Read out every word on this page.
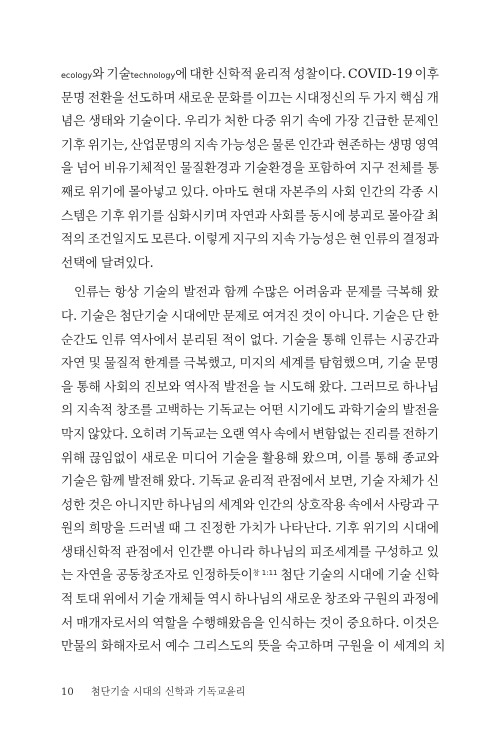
ecology와 기술technology에 대한 신학적 윤리적 성찰이다. COVID-19 이후
문명 전환을 선도하며 새로운 문화를 이끄는 시대정신의 두 가지 핵심 개
념은 생태와 기술이다. 우리가 처한 다중 위기 속에 가장 긴급한 문제인
기후 위기는, 산업문명의 지속 가능성은 물론 인간과 현존하는 생명 영역
을 넘어 비유기체적인 물질환경과 기술환경을 포함하여 지구 전체를 통
째로 위기에 몰아넣고 있다. 아마도 현대 자본주의 사회 인간의 각종 시
스템은 기후 위기를 심화시키며 자연과 사회를 동시에 붕괴로 몰아갈 최
적의 조건일지도 모른다. 이렇게 지구의 지속 가능성은 현 인류의 결정과
선택에 달려있다.
인류는 항상 기술의 발전과 함께 수많은 어려움과 문제를 극복해 왔
다. 기술은 첨단기술 시대에만 문제로 여겨진 것이 아니다. 기술은 단 한
순간도 인류 역사에서 분리된 적이 없다. 기술을 통해 인류는 시공간과
자연 및 물질적 한계를 극복했고, 미지의 세계를 탐험했으며, 기술 문명
을 통해 사회의 진보와 역사적 발전을 늘 시도해 왔다. 그러므로 하나님
의 지속적 창조를 고백하는 기독교는 어떤 시기에도 과학기술의 발전을
막지 않았다. 오히려 기독교는 오랜 역사 속에서 변함없는 진리를 전하기
위해 끊임없이 새로운 미디어 기술을 활용해 왔으며, 이를 통해 종교와
기술은 함께 발전해 왔다. 기독교 윤리적 관점에서 보면, 기술 자체가 신
성한 것은 아니지만 하나님의 세계와 인간의 상호작용 속에서 사랑과 구
원의 희망을 드러낼 때 그 진정한 가치가 나타난다. 기후 위기의 시대에
생태신학적 관점에서 인간뿐 아니라 하나님의 피조세계를 구성하고 있
는 자연을 공동창조자로 인정하듯이$^{창 1:11}$ 첨단 기술의 시대에 기술 신학
적 토대 위에서 기술 개체들 역시 하나님의 새로운 창조와 구원의 과정에
서 매개자로서의 역할을 수행해왔음을 인식하는 것이 중요하다. 이것은
만물의 화해자로서 예수 그리스도의 뜻을 숙고하며 구원을 이 세계의 치
10 첨단기술 시대의 신학과 기독교윤리
